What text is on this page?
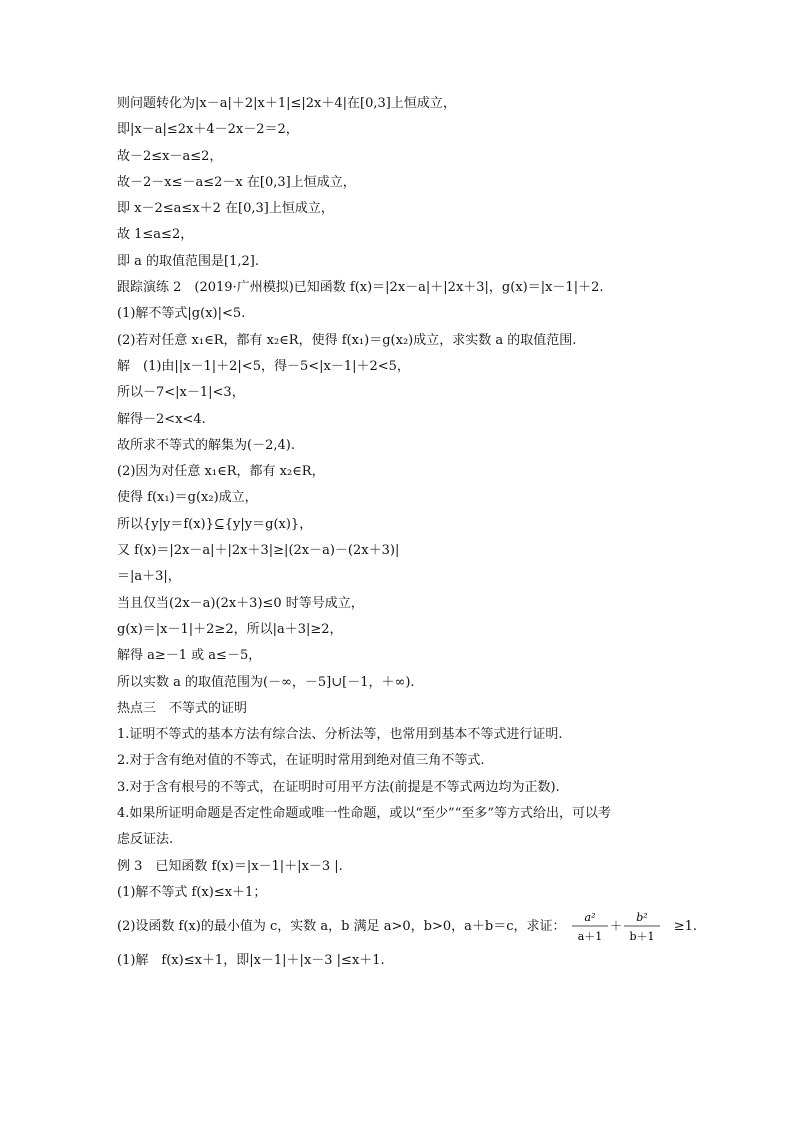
则问题转化为|x－a|＋2|x＋1|≤|2x＋4|在[0,3]上恒成立，
即|x－a|≤2x＋4－2x－2＝2，
故－2≤x－a≤2，
故－2－x≤－a≤2－x 在[0,3]上恒成立，
即 x－2≤a≤x＋2 在[0,3]上恒成立，
故 1≤a≤2，
即 a 的取值范围是[1,2].
跟踪演练 2　(2019·广州模拟)已知函数 f(x)＝|2x－a|＋|2x＋3|，g(x)＝|x－1|＋2.
(1)解不等式|g(x)|<5.
(2)若对任意 x₁∈R，都有 x₂∈R，使得 f(x₁)＝g(x₂)成立，求实数 a 的取值范围.
解　(1)由||x－1|＋2|<5，得－5<|x－1|＋2<5，
所以－7<|x－1|<3，
解得－2<x<4.
故所求不等式的解集为(－2,4).
(2)因为对任意 x₁∈R，都有 x₂∈R，
使得 f(x₁)＝g(x₂)成立，
所以{y|y＝f(x)}⊆{y|y＝g(x)}，
又 f(x)＝|2x－a|＋|2x＋3|≥|(2x－a)－(2x＋3)|
＝|a＋3|，
当且仅当(2x－a)(2x＋3)≤0 时等号成立，
g(x)＝|x－1|＋2≥2，所以|a＋3|≥2，
解得 a≥－1 或 a≤－5，
所以实数 a 的取值范围为(－∞，－5]∪[－1，＋∞).
热点三　不等式的证明
1.证明不等式的基本方法有综合法、分析法等，也常用到基本不等式进行证明.
2.对于含有绝对值的不等式，在证明时常用到绝对值三角不等式.
3.对于含有根号的不等式，在证明时可用平方法(前提是不等式两边均为正数).
4.如果所证明命题是否定性命题或唯一性命题，或以“至少”“至多”等方式给出，可以考
虑反证法.
例 3　已知函数 f(x)＝|x－1|＋|x－3 |.
(1)解不等式 f(x)≤x＋1；
(2)设函数 f(x)的最小值为 c，实数 a，b 满足 a>0，b>0，a＋b＝c，求证：
a²
a＋1
＋
b²
b＋1
≥1.
(1)解　f(x)≤x＋1，即|x－1|＋|x－3 |≤x＋1.
